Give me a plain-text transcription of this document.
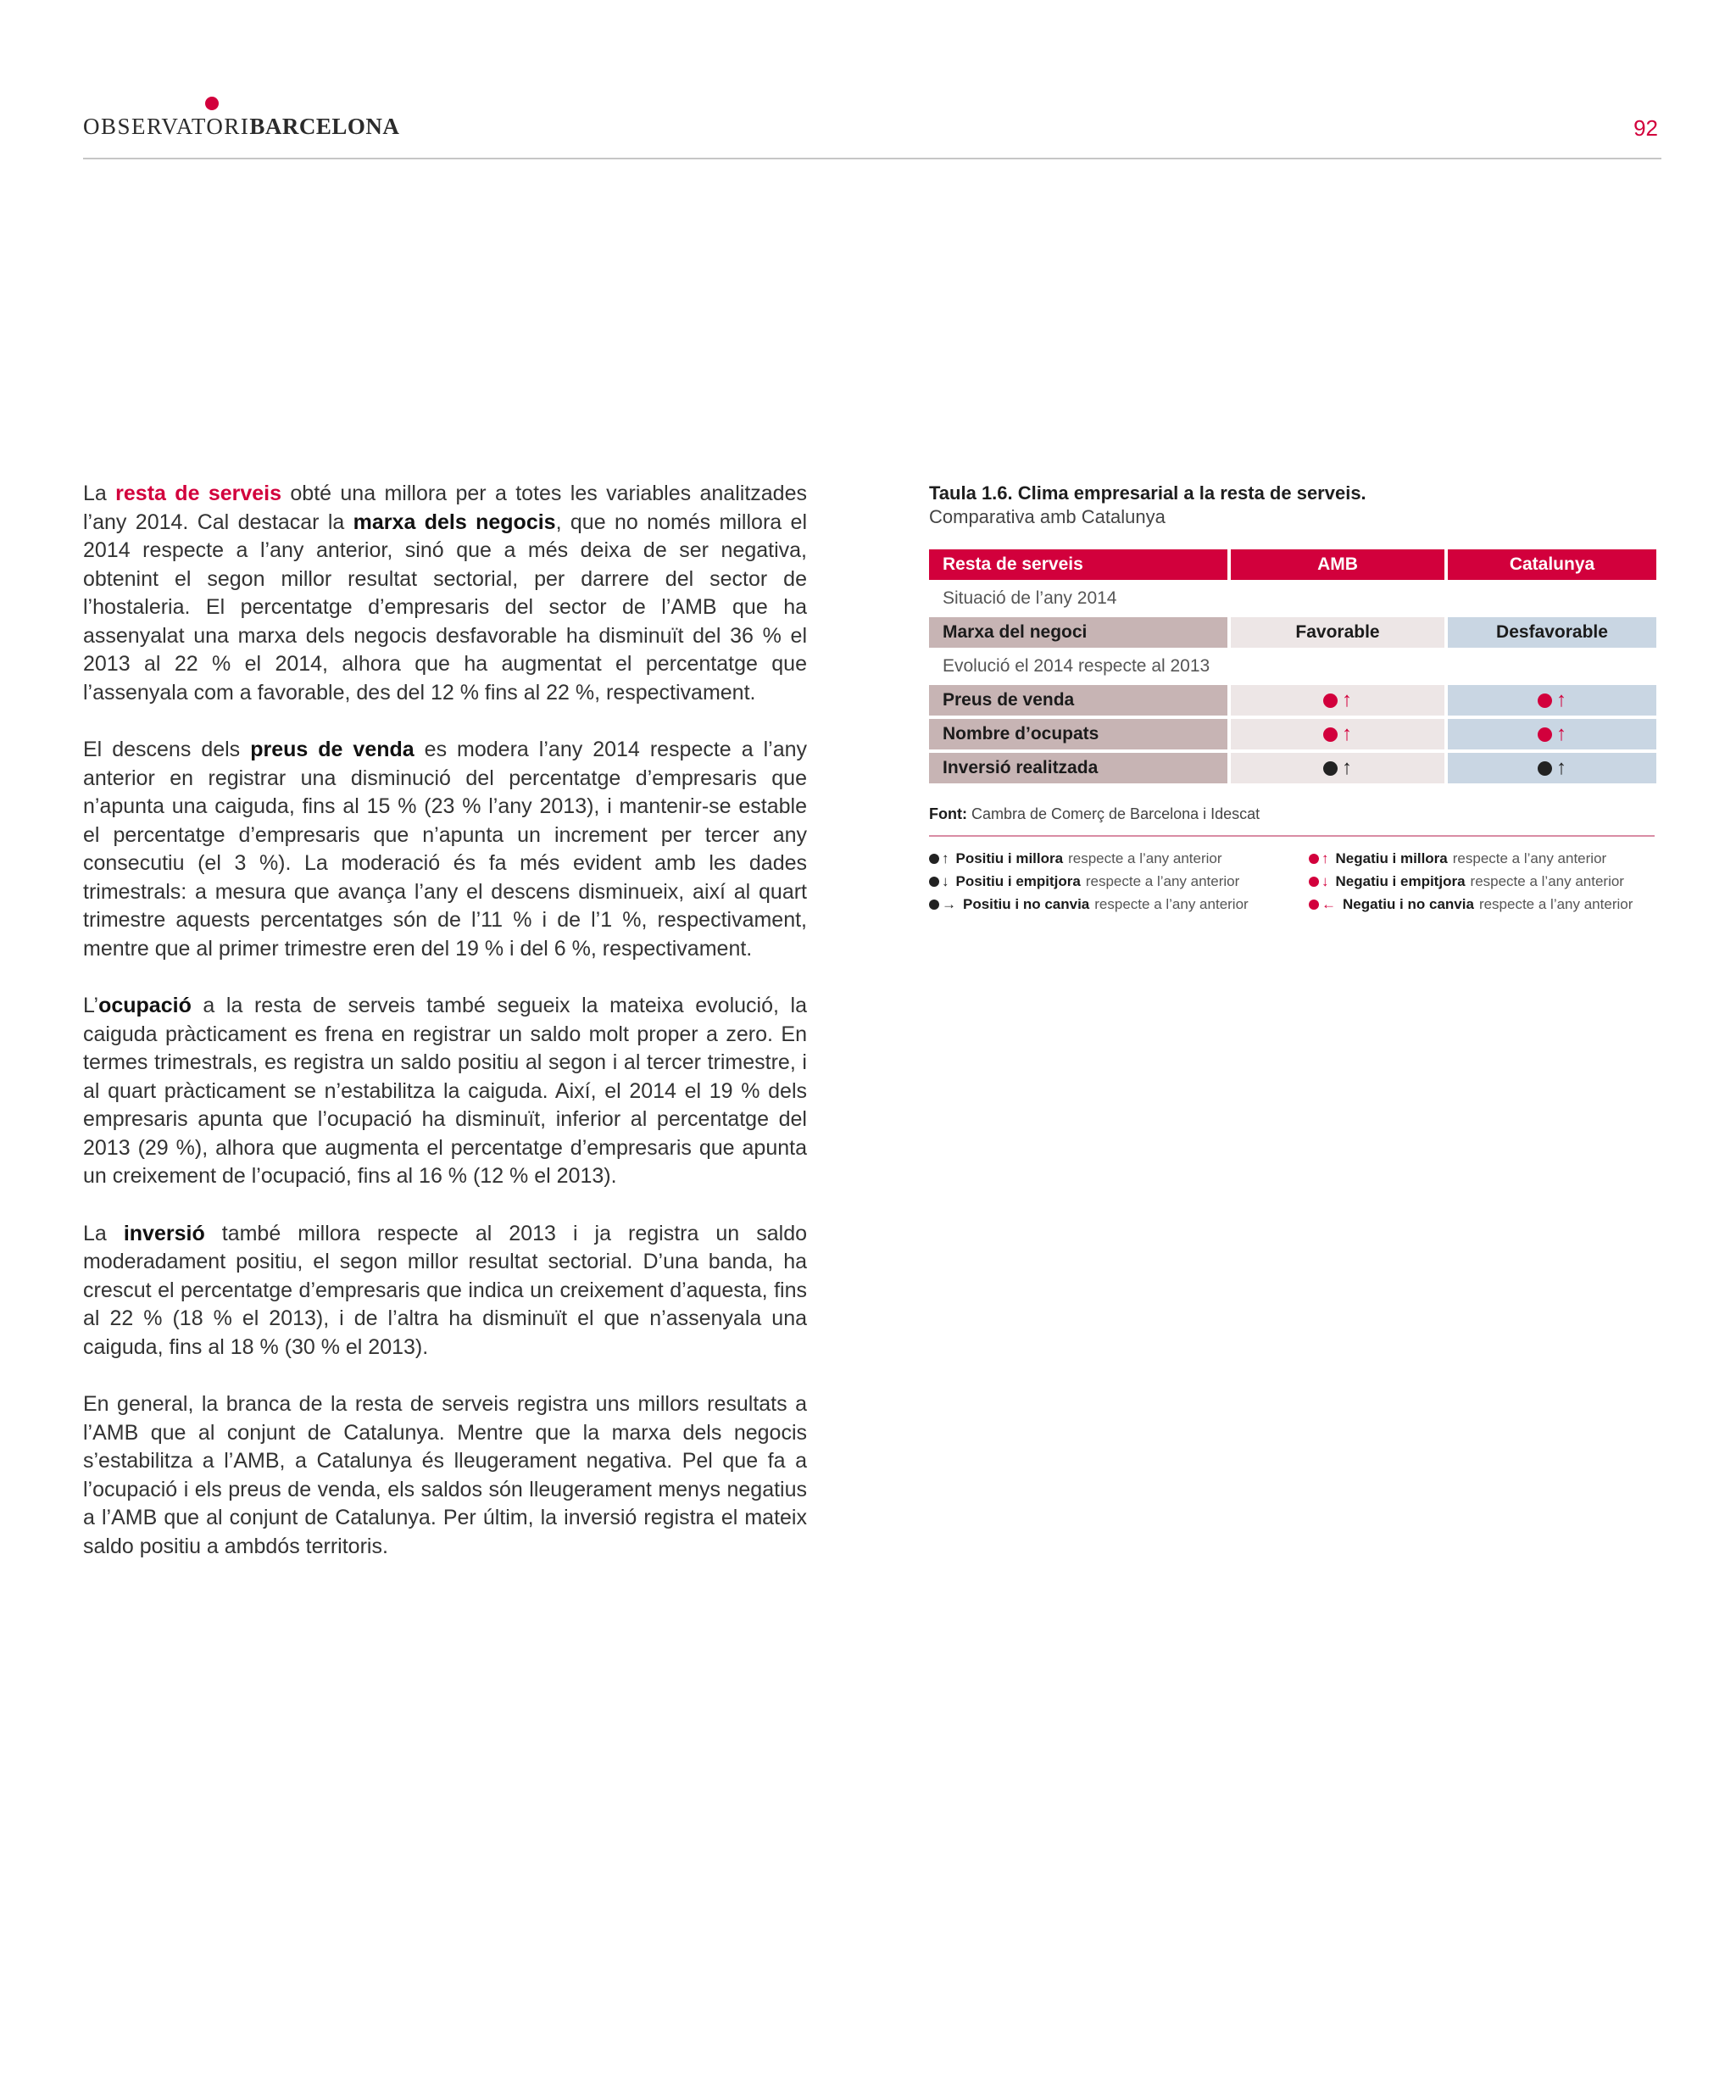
OBSERVATORIBARCELONA	92

La resta de serveis obté una millora per a totes les variables analitzades l’any 2014. Cal destacar la marxa dels negocis, que no només millora el 2014 respecte a l’any anterior, sinó que a més deixa de ser negativa, obtenint el segon millor resultat sectorial, per darrere del sector de l’hostaleria. El percentatge d’empresaris del sector de l’AMB que ha assenyalat una marxa dels negocis desfavorable ha disminuït del 36 % el 2013 al 22 % el 2014, alhora que ha augmentat el percentatge que l’assenyala com a favorable, des del 12 % fins al 22 %, respectivament.

El descens dels preus de venda es modera l’any 2014 respecte a l’any anterior en registrar una disminució del percentatge d’empresaris que n’apunta una caiguda, fins al 15 % (23 % l’any 2013), i mantenir-se estable el percentatge d’empresaris que n’apunta un increment per tercer any consecutiu (el 3 %). La moderació és fa més evident amb les dades trimestrals: a mesura que avança l’any el descens disminueix, així al quart trimestre aquests percentatges són de l’11 % i de l’1 %, respectivament, mentre que al primer trimestre eren del 19 % i del 6 %, respectivament.

L’ocupació a la resta de serveis també segueix la mateixa evolució, la caiguda pràcticament es frena en registrar un saldo molt proper a zero. En termes trimestrals, es registra un saldo positiu al segon i al tercer trimestre, i al quart pràcticament se n’estabilitza la caiguda. Així, el 2014 el 19 % dels empresaris apunta que l’ocupació ha disminuït, inferior al percentatge del 2013 (29 %), alhora que augmenta el percentatge d’empresaris que apunta un creixement de l’ocupació, fins al 16 % (12 % el 2013).

La inversió també millora respecte al 2013 i ja registra un saldo moderadament positiu, el segon millor resultat sectorial. D’una banda, ha crescut el percentatge d’empresaris que indica un creixement d’aquesta, fins al 22 % (18 % el 2013), i de l’altra ha disminuït el que n’assenyala una caiguda, fins al 18 % (30 % el 2013).

En general, la branca de la resta de serveis registra uns millors resultats a l’AMB que al conjunt de Catalunya. Mentre que la marxa dels negocis s’estabilitza a l’AMB, a Catalunya és lleugerament negativa. Pel que fa a l’ocupació i els preus de venda, els saldos són lleugerament menys negatius a l’AMB que al conjunt de Catalunya. Per últim, la inversió registra el mateix saldo positiu a ambdós territoris.

Taula 1.6. Clima empresarial a la resta de serveis.
Comparativa amb Catalunya
Resta de serveis	AMB	Catalunya
Situació de l’any 2014
Marxa del negoci	Favorable	Desfavorable
Evolució el 2014 respecte al 2013
Preus de venda	↑	↑
Nombre d’ocupats	↑	↑
Inversió realitzada	↑	↑
Font: Cambra de Comerç de Barcelona i Idescat
↑ Positiu i millora respecte a l’any anterior	↑ Negatiu i millora respecte a l’any anterior
↓ Positiu i empitjora respecte a l’any anterior	↓ Negatiu i empitjora respecte a l’any anterior
→ Positiu i no canvia respecte a l’any anterior	← Negatiu i no canvia respecte a l’any anterior
